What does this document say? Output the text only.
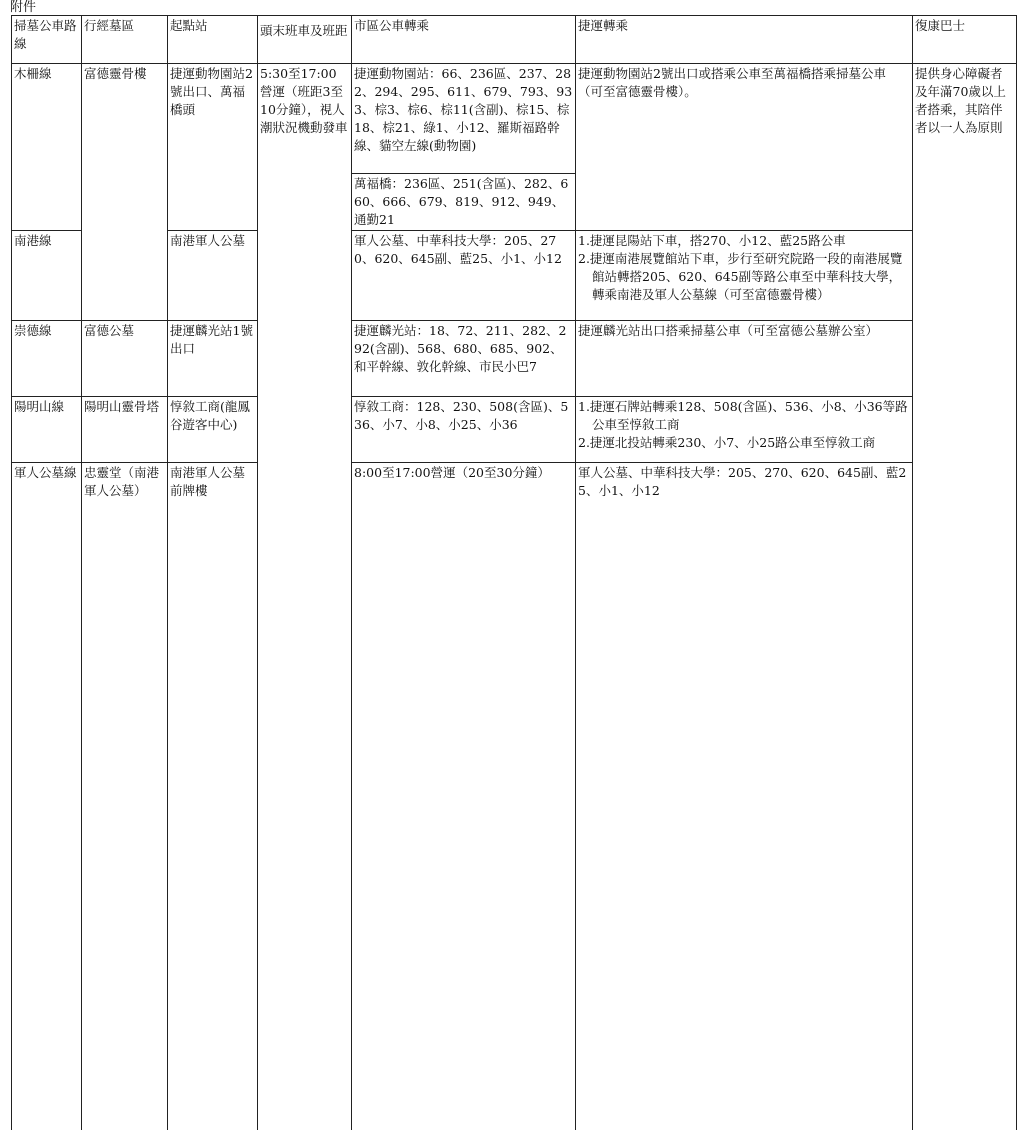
附件
掃墓公車路線	行經墓區	起點站	頭末班車及班距	市區公車轉乘	捷運轉乘	復康巴士	
木柵線	富德靈骨樓	捷運動物園站2號出口、萬福橋頭	5:30至17:00營運（班距3至10分鐘），視人潮狀況機動發車	捷運動物園站：66、236區、237、282、294、295、611、679、793、933、棕3、棕6、棕11(含副)、棕15、棕18、棕21、綠1、小12、羅斯福路幹線、貓空左線(動物園)	捷運動物園站2號出口或搭乘公車至萬福橋搭乘掃墓公車（可至富德靈骨樓）。	提供身心障礙者及年滿70歲以上者搭乘，其陪伴者以一人為原則	
				萬福橋：236區、251(含區)、282、660、666、679、819、912、949、通勤21			
南港線		南港軍人公墓		軍人公墓、中華科技大學：205、270、620、645副、藍25、小1、小12	1.捷運昆陽站下車，搭270、小12、藍25路公車
2.捷運南港展覽館站下車，步行至研究院路一段的南港展覽館站轉搭205、620、645副等路公車至中華科技大學，轉乘南港及軍人公墓線（可至富德靈骨樓）		

崇德線	富德公墓	捷運麟光站1號出口		捷運麟光站：18、72、211、282、292(含副)、568、680、685、902、和平幹線、敦化幹線、市民小巴7	捷運麟光站出口搭乘掃墓公車（可至富德公墓辦公室）		
陽明山線	陽明山靈骨塔	惇敘工商(龍鳳谷遊客中心)		惇敘工商：128、230、508(含區)、536、小7、小8、小25、小36	1.捷運石牌站轉乘128、508(含區)、536、小8、小36等路公車至惇敘工商
2.捷運北投站轉乘230、小7、小25路公車至惇敘工商		

軍人公墓線	忠靈堂（南港軍人公墓）	南港軍人公墓前牌樓		8:00至17:00營運（20至30分鐘）	軍人公墓、中華科技大學：205、270、620、645副、藍25、小1、小12	
